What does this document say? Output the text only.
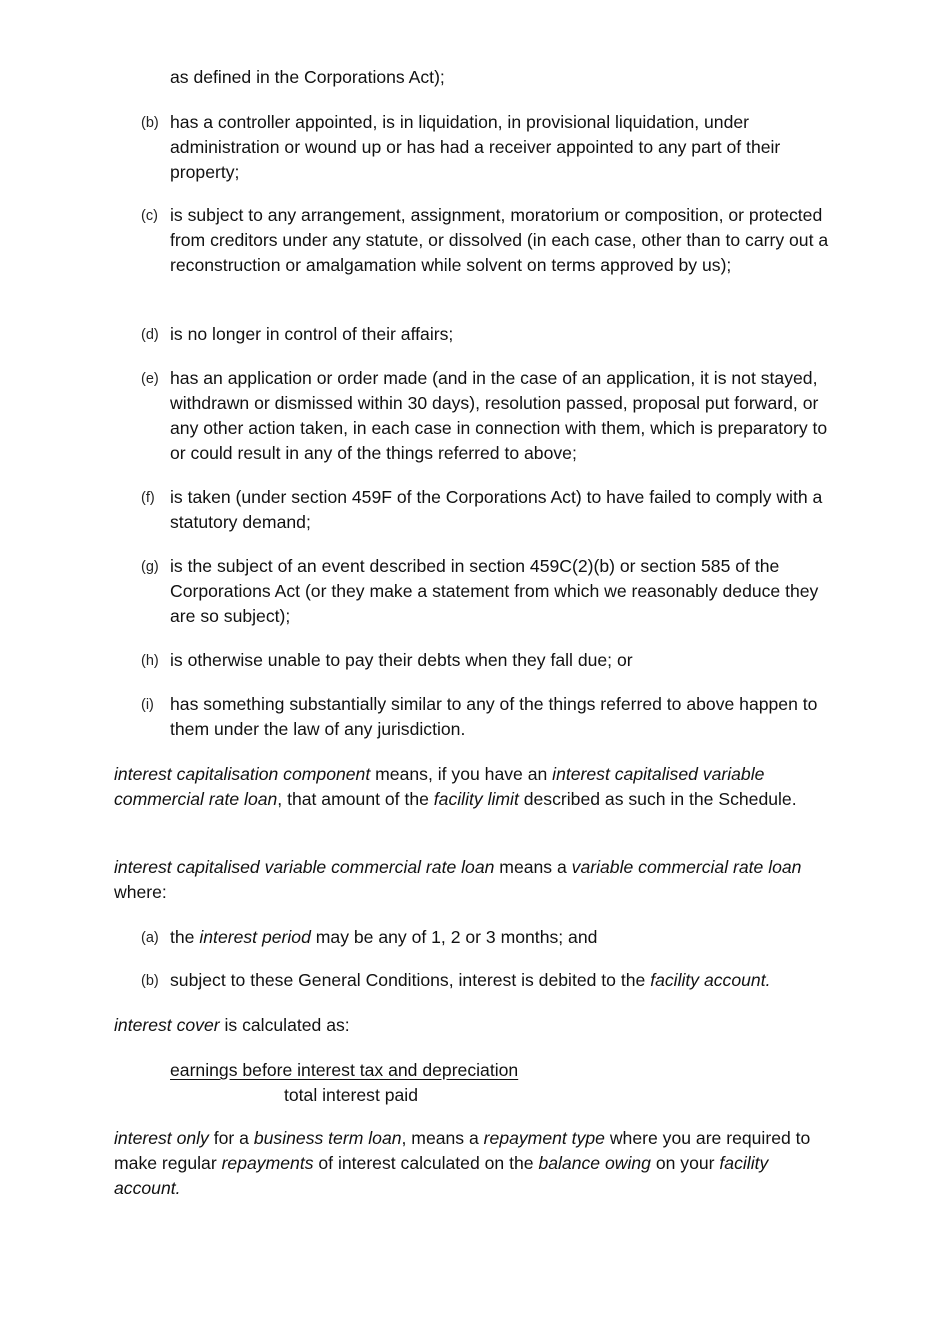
as defined in the Corporations Act);

(b) has a controller appointed, is in liquidation, in provisional liquidation, under administration or wound up or has had a receiver appointed to any part of their property;
(c) is subject to any arrangement, assignment, moratorium or composition, or protected from creditors under any statute, or dissolved (in each case, other than to carry out a reconstruction or amalgamation while solvent on terms approved by us);
(d) is no longer in control of their affairs;
(e) has an application or order made (and in the case of an application, it is not stayed, withdrawn or dismissed within 30 days), resolution passed, proposal put forward, or any other action taken, in each case in connection with them, which is preparatory to or could result in any of the things referred to above;
(f) is taken (under section 459F of the Corporations Act) to have failed to comply with a statutory demand;
(g) is the subject of an event described in section 459C(2)(b) or section 585 of the Corporations Act (or they make a statement from which we reasonably deduce they are so subject);
(h) is otherwise unable to pay their debts when they fall due; or
(i) has something substantially similar to any of the things referred to above happen to them under the law of any jurisdiction.

interest capitalisation component means, if you have an interest capitalised variable commercial rate loan, that amount of the facility limit described as such in the Schedule.

interest capitalised variable commercial rate loan means a variable commercial rate loan where:

(a) the interest period may be any of 1, 2 or 3 months; and
(b) subject to these General Conditions, interest is debited to the facility account.

interest cover is calculated as:

earnings before interest tax and depreciation
total interest paid

interest only for a business term loan, means a repayment type where you are required to make regular repayments of interest calculated on the balance owing on your facility account.
